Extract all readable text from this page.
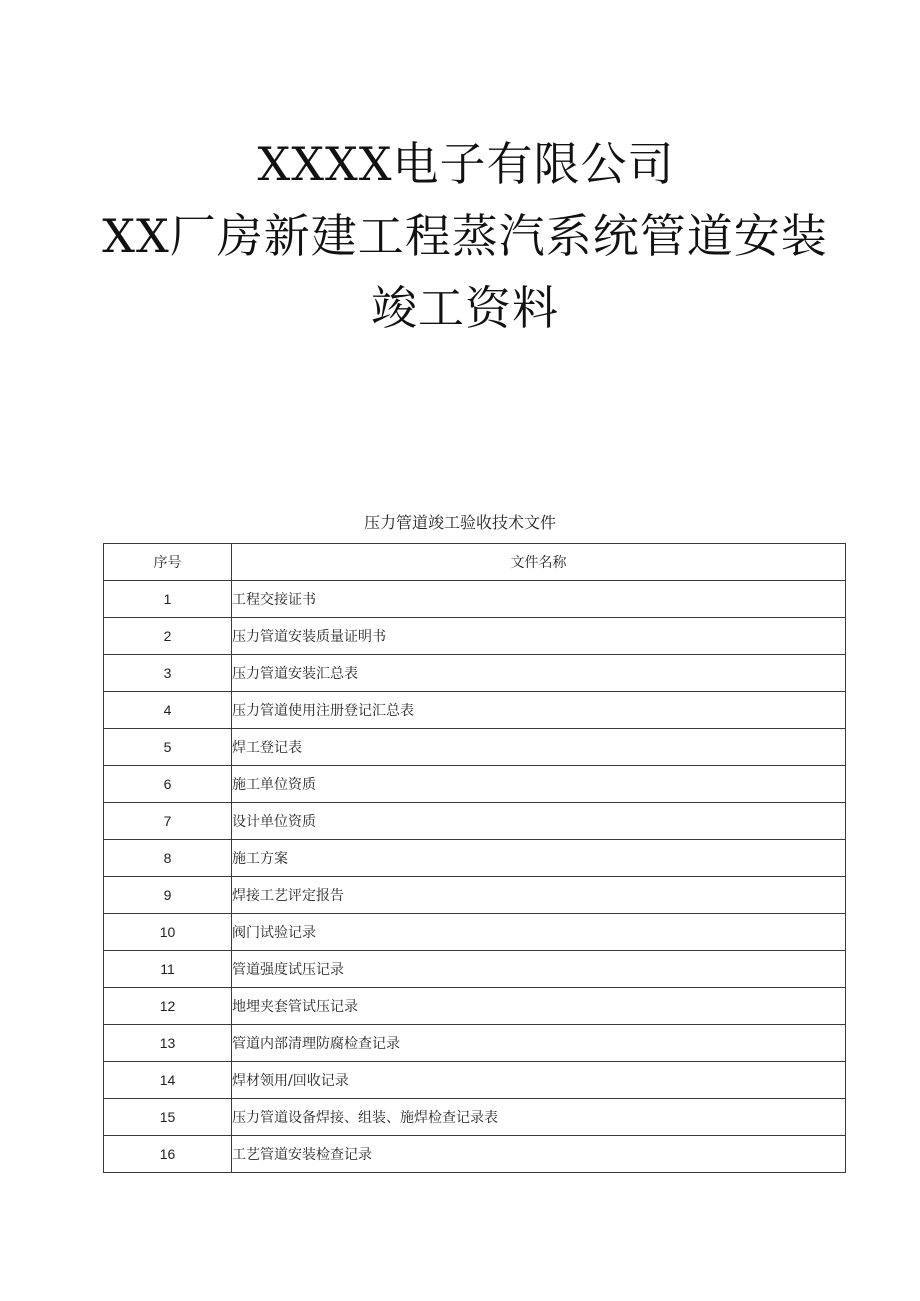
XXXX电子有限公司
XX厂房新建工程蒸汽系统管道安装
竣工资料
压力管道竣工验收技术文件
序号	文件名称
1	工程交接证书
2	压力管道安装质量证明书
3	压力管道安装汇总表
4	压力管道使用注册登记汇总表
5	焊工登记表
6	施工单位资质
7	设计单位资质
8	施工方案
9	焊接工艺评定报告
10	阀门试验记录
11	管道强度试压记录
12	地埋夹套管试压记录
13	管道内部清理防腐检查记录
14	焊材领用/回收记录
15	压力管道设备焊接、组装、施焊检查记录表
16	工艺管道安装检查记录
